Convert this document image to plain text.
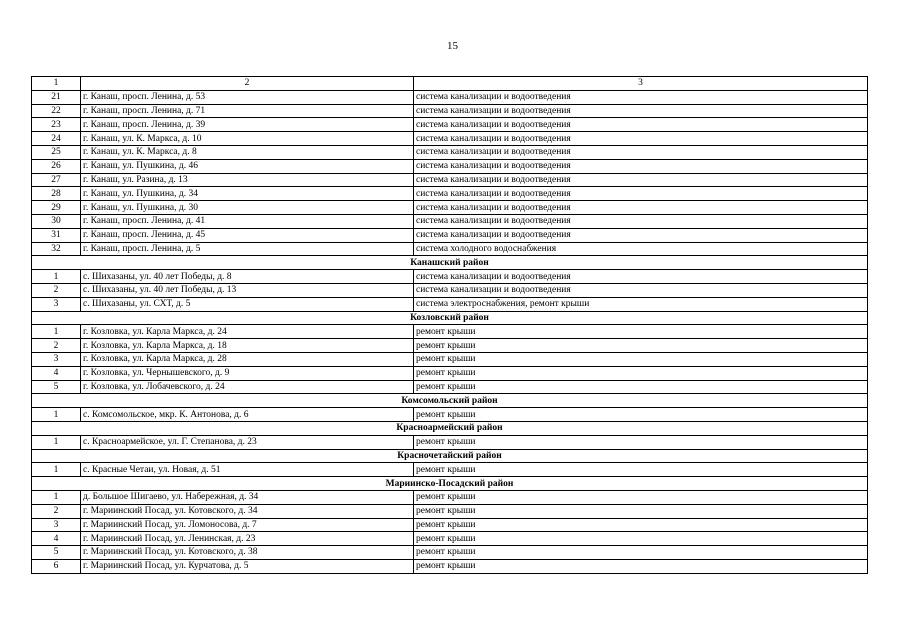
15
1	2	3
21	г. Канаш, просп. Ленина, д. 53	система канализации и водоотведения
22	г. Канаш, просп. Ленина, д. 71	система канализации и водоотведения
23	г. Канаш, просп. Ленина, д. 39	система канализации и водоотведения
24	г. Канаш, ул. К. Маркса, д. 10	система канализации и водоотведения
25	г. Канаш, ул. К. Маркса, д. 8	система канализации и водоотведения
26	г. Канаш, ул. Пушкина, д. 46	система канализации и водоотведения
27	г. Канаш, ул. Разина, д. 13	система канализации и водоотведения
28	г. Канаш, ул. Пушкина, д. 34	система канализации и водоотведения
29	г. Канаш, ул. Пушкина, д. 30	система канализации и водоотведения
30	г. Канаш, просп. Ленина, д. 41	система канализации и водоотведения
31	г. Канаш, просп. Ленина, д. 45	система канализации и водоотведения
32	г. Канаш, просп. Ленина, д. 5	система холодного водоснабжения
Канашский район		
1	с. Шихазаны, ул. 40 лет Победы, д. 8	система канализации и водоотведения
2	с. Шихазаны, ул. 40 лет Победы, д. 13	система канализации и водоотведения
3	с. Шихазаны, ул. СХТ, д. 5	система электроснабжения, ремонт крыши
Козловский район		
1	г. Козловка, ул. Карла Маркса, д. 24	ремонт крыши
2	г. Козловка, ул. Карла Маркса, д. 18	ремонт крыши
3	г. Козловка, ул. Карла Маркса, д. 28	ремонт крыши
4	г. Козловка, ул. Чернышевского, д. 9	ремонт крыши
5	г. Козловка, ул. Лобачевского, д. 24	ремонт крыши
Комсомольский район		
1	с. Комсомольское, мкр. К. Антонова, д. 6	ремонт крыши
Красноармейский район		
1	с. Красноармейское, ул. Г. Степанова, д. 23	ремонт крыши
Красночетайский район		
1	с. Красные Четаи, ул. Новая, д. 51	ремонт крыши
Мариинско-Посадский район		
1	д. Большое Шигаево, ул. Набережная, д. 34	ремонт крыши
2	г. Мариинский Посад, ул. Котовского, д. 34	ремонт крыши
3	г. Мариинский Посад, ул. Ломоносова, д. 7	ремонт крыши
4	г. Мариинский Посад, ул. Ленинская, д. 23	ремонт крыши
5	г. Мариинский Посад, ул. Котовского, д. 38	ремонт крыши
6	г. Мариинский Посад, ул. Курчатова, д. 5	ремонт крыши
